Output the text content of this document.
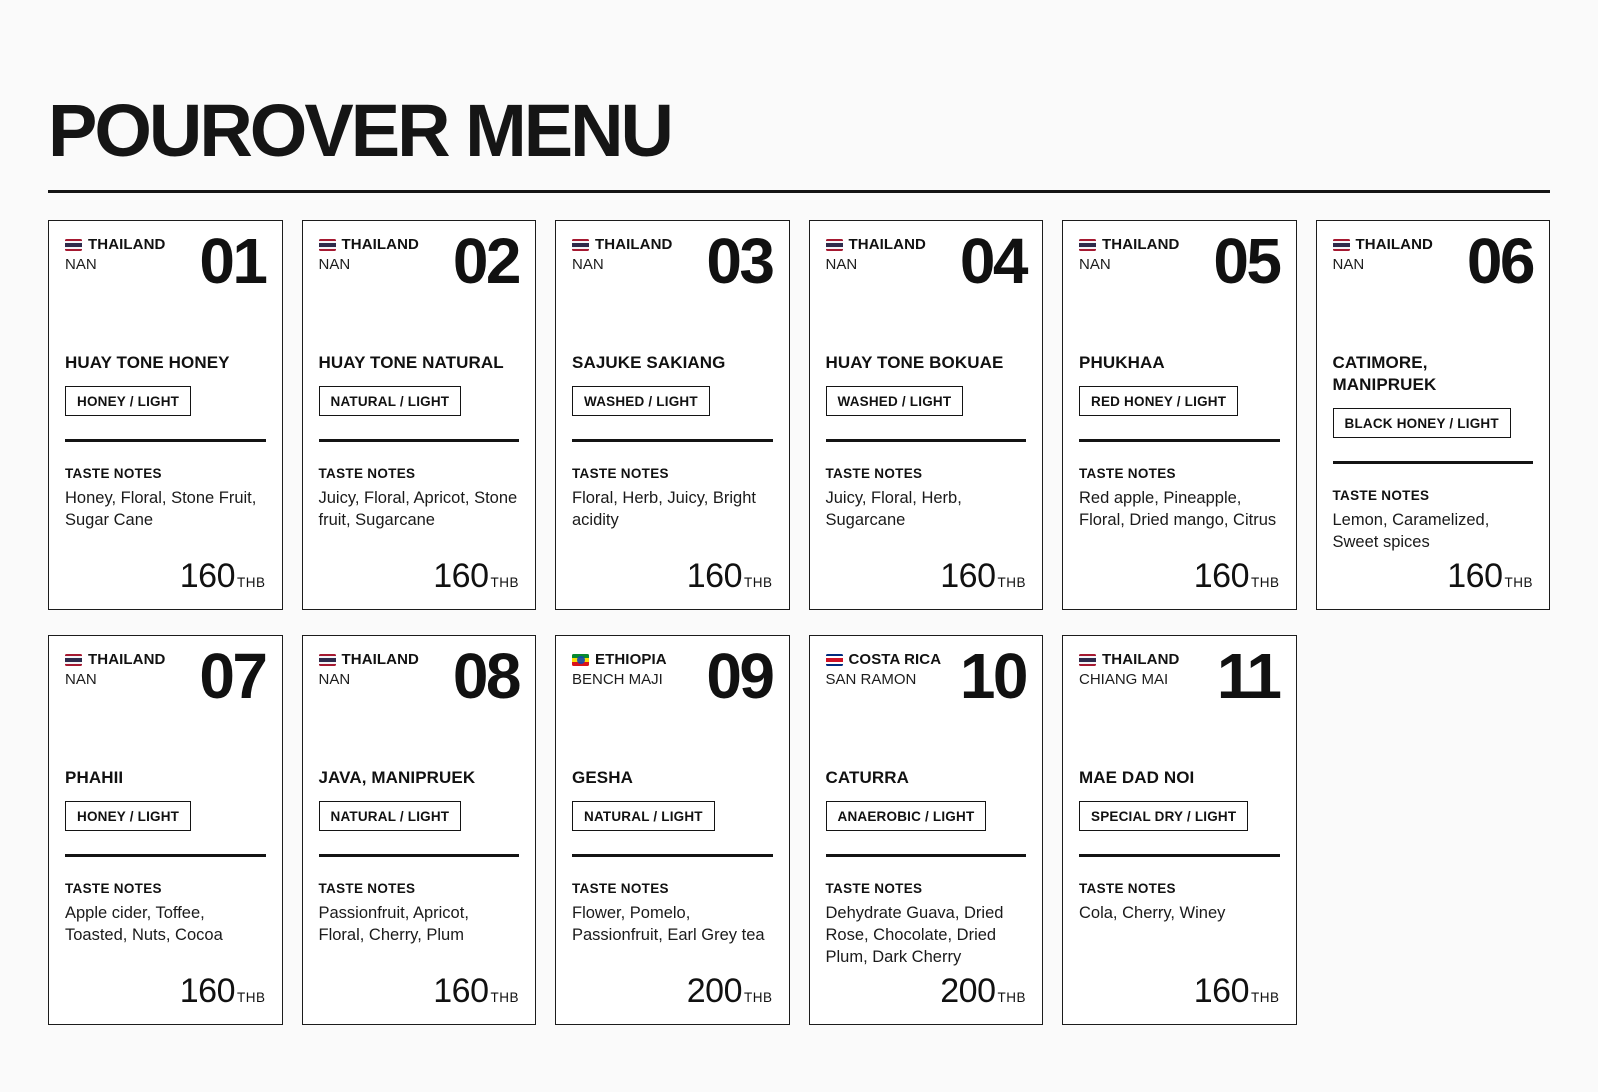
POUROVER MENU
THAILAND
NAN	01
HUAY TONE HONEY
HONEY / LIGHT
TASTE NOTES
Honey, Floral, Stone Fruit, Sugar Cane
160 THB
THAILAND
NAN	02
HUAY TONE NATURAL
NATURAL / LIGHT
TASTE NOTES
Juicy, Floral, Apricot, Stone fruit, Sugarcane
160 THB
THAILAND
NAN	03
SAJUKE SAKIANG
WASHED / LIGHT
TASTE NOTES
Floral, Herb, Juicy, Bright acidity
160 THB
THAILAND
NAN	04
HUAY TONE BOKUAE
WASHED / LIGHT
TASTE NOTES
Juicy, Floral, Herb, Sugarcane
160 THB
THAILAND
NAN	05
PHUKHAA
RED HONEY / LIGHT
TASTE NOTES
Red apple, Pineapple, Floral, Dried mango, Citrus
160 THB
THAILAND
NAN	06
CATIMORE, MANIPRUEK
BLACK HONEY / LIGHT
TASTE NOTES
Lemon, Caramelized, Sweet spices
160 THB
THAILAND
NAN	07
PHAHII
HONEY / LIGHT
TASTE NOTES
Apple cider, Toffee, Toasted, Nuts, Cocoa
160 THB
THAILAND
NAN	08
JAVA, MANIPRUEK
NATURAL / LIGHT
TASTE NOTES
Passionfruit, Apricot, Floral, Cherry, Plum
160 THB
ETHIOPIA
BENCH MAJI 09
GESHA
NATURAL / LIGHT
TASTE NOTES
Flower, Pomelo, Passionfruit, Earl Grey tea
200 THB
COSTA RICA
SAN RAMON 10
CATURRA
ANAEROBIC / LIGHT
TASTE NOTES
Dehydrate Guava, Dried Rose, Chocolate, Dried Plum, Dark Cherry
200 THB
THAILAND
CHIANG MAI 11
MAE DAD NOI
SPECIAL DRY / LIGHT
TASTE NOTES
Cola, Cherry, Winey
160 THB
